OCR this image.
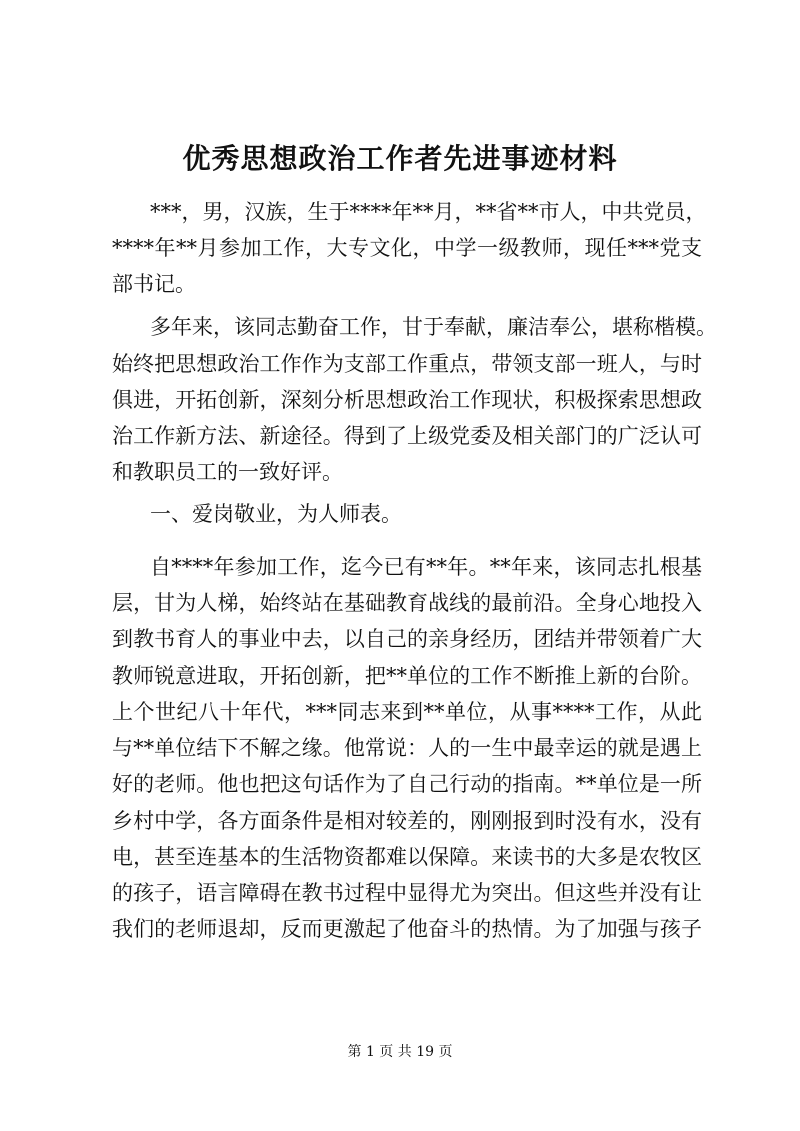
优秀思想政治工作者先进事迹材料
***，男，汉族，生于****年**月，**省**市人，中共党员，
****年**月参加工作，大专文化，中学一级教师，现任***党支
部书记。
多年来，该同志勤奋工作，甘于奉献，廉洁奉公，堪称楷模。
始终把思想政治工作作为支部工作重点，带领支部一班人，与时
俱进，开拓创新，深刻分析思想政治工作现状，积极探索思想政
治工作新方法、新途径。得到了上级党委及相关部门的广泛认可
和教职员工的一致好评。
一、爱岗敬业，为人师表。
自****年参加工作，迄今已有**年。**年来，该同志扎根基
层，甘为人梯，始终站在基础教育战线的最前沿。全身心地投入
到教书育人的事业中去，以自己的亲身经历，团结并带领着广大
教师锐意进取，开拓创新，把**单位的工作不断推上新的台阶。
上个世纪八十年代，***同志来到**单位，从事****工作，从此
与**单位结下不解之缘。他常说：人的一生中最幸运的就是遇上
好的老师。他也把这句话作为了自己行动的指南。**单位是一所
乡村中学，各方面条件是相对较差的，刚刚报到时没有水，没有
电，甚至连基本的生活物资都难以保障。来读书的大多是农牧区
的孩子，语言障碍在教书过程中显得尤为突出。但这些并没有让
我们的老师退却，反而更激起了他奋斗的热情。为了加强与孩子
第 1 页 共 19 页
